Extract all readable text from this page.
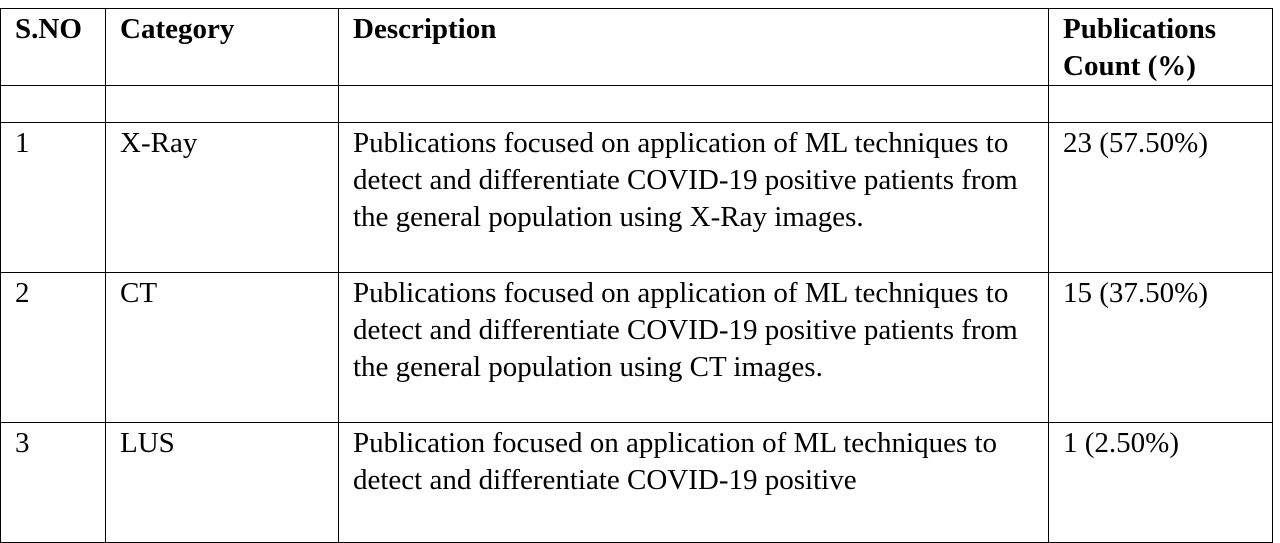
S.NO	Category	Description	Publications Count (%)

1	X-Ray	Publications focused on application of ML techniques to detect and differentiate COVID-19 positive patients from the general population using X-Ray images.	23 (57.50%)
2	CT	Publications focused on application of ML techniques to detect and differentiate COVID-19 positive patients from the general population using CT images.	15 (37.50%)
3	LUS	Publication focused on application of ML techniques to detect and differentiate COVID-19 positive	1 (2.50%)
